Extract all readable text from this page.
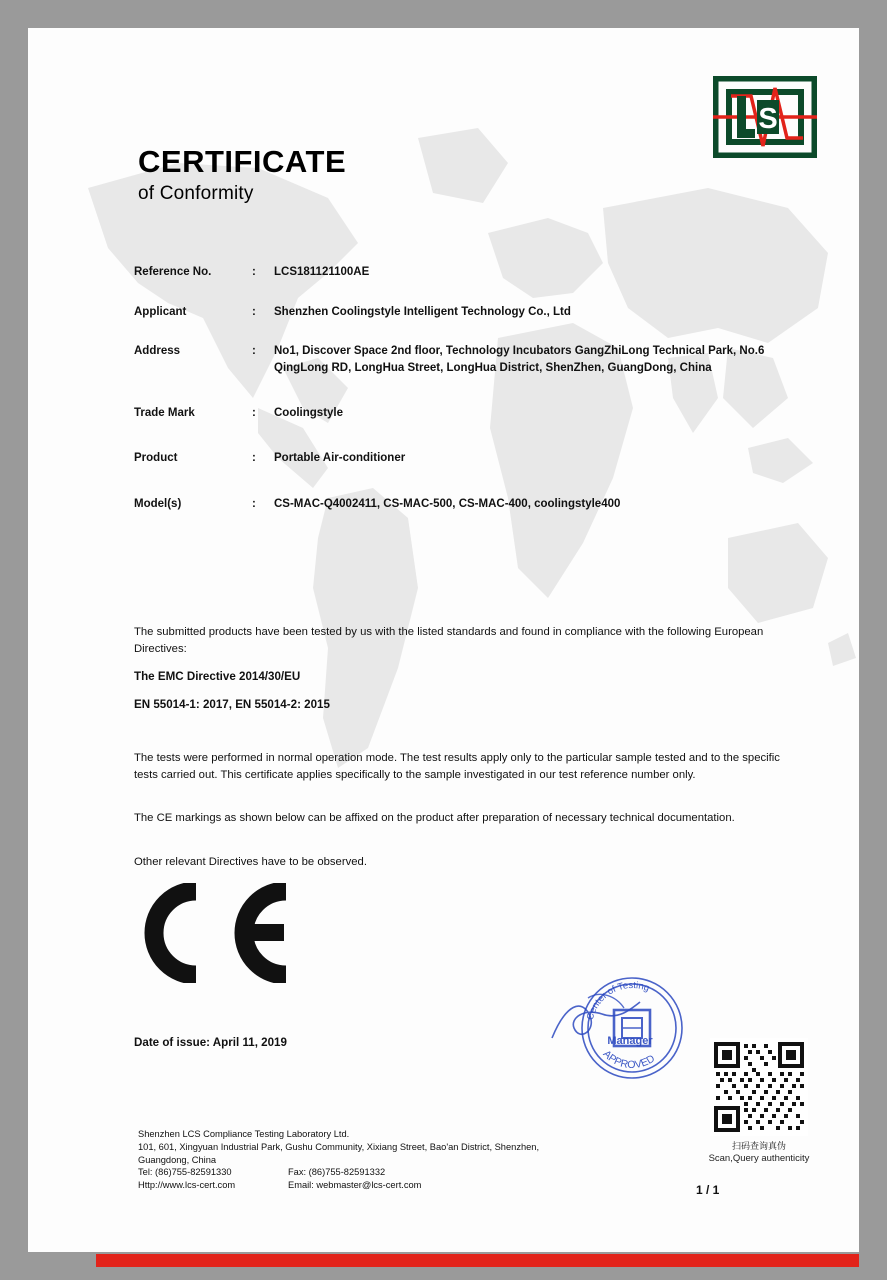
S
CERTIFICATE
of Conformity
Reference No.	:	LCS181121100AE
Applicant	:	Shenzhen Coolingstyle Intelligent Technology Co., Ltd
Address	:	No1, Discover Space 2nd floor, Technology Incubators GangZhiLong Technical Park, No.6 QingLong RD, LongHua Street, LongHua District, ShenZhen, GuangDong, China
Trade Mark	:	Coolingstyle
Product	:	Portable Air-conditioner
Model(s)	:	CS-MAC-Q4002411, CS-MAC-500, CS-MAC-400, coolingstyle400
The submitted products have been tested by us with the listed standards and found in compliance with the following European Directives:
The EMC Directive 2014/30/EU
EN 55014-1: 2017, EN 55014-2: 2015
The tests were performed in normal operation mode. The test results apply only to the particular sample tested and to the specific tests carried out. This certificate applies specifically to the sample investigated in our test reference number only.
The CE markings as shown below can be affixed on the product after preparation of necessary technical documentation.
Other relevant Directives have to be observed.
Date of issue: April 11, 2019
Center of Testing
APPROVED
Manager
扫码查询真伪
Scan,Query authenticity
Shenzhen LCS Compliance Testing Laboratory Ltd.
101, 601, Xingyuan Industrial Park, Gushu Community, Xixiang Street, Bao'an District, Shenzhen,
Guangdong, China
Tel: (86)755-82591330	Fax: (86)755-82591332
Http://www.lcs-cert.com	Email: webmaster@lcs-cert.com	1 / 1
